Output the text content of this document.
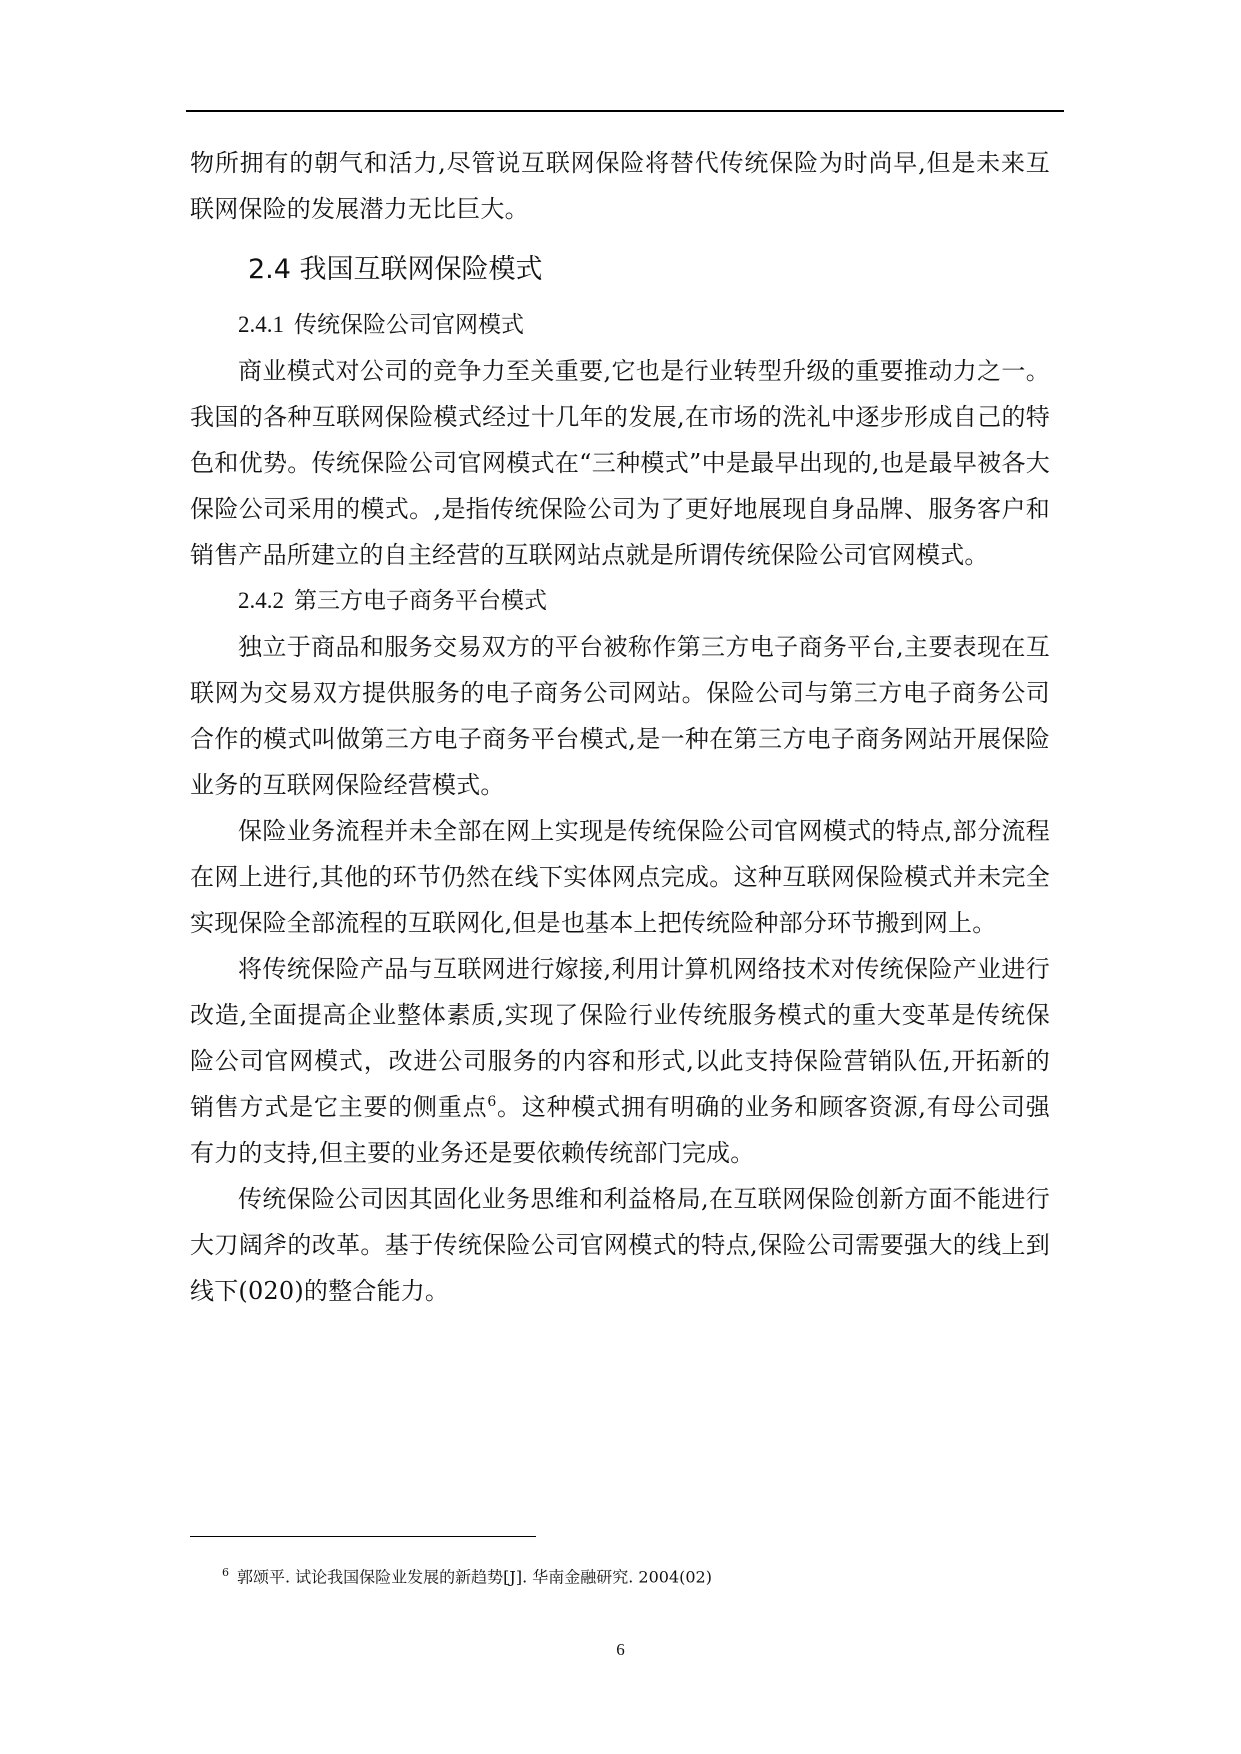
物所拥有的朝气和活力,尽管说互联网保险将替代传统保险为时尚早,但是未来互联网保险的发展潜力无比巨大。

2.4 我国互联网保险模式
2.4.1 传统保险公司官网模式

商业模式对公司的竞争力至关重要,它也是行业转型升级的重要推动力之一。我国的各种互联网保险模式经过十几年的发展,在市场的洗礼中逐步形成自己的特色和优势。传统保险公司官网模式在“三种模式”中是最早出现的,也是最早被各大保险公司采用的模式。,是指传统保险公司为了更好地展现自身品牌、服务客户和销售产品所建立的自主经营的互联网站点就是所谓传统保险公司官网模式。

2.4.2 第三方电子商务平台模式

独立于商品和服务交易双方的平台被称作第三方电子商务平台,主要表现在互联网为交易双方提供服务的电子商务公司网站。保险公司与第三方电子商务公司合作的模式叫做第三方电子商务平台模式,是一种在第三方电子商务网站开展保险业务的互联网保险经营模式。

保险业务流程并未全部在网上实现是传统保险公司官网模式的特点,部分流程在网上进行,其他的环节仍然在线下实体网点完成。这种互联网保险模式并未完全实现保险全部流程的互联网化,但是也基本上把传统险种部分环节搬到网上。

将传统保险产品与互联网进行嫁接,利用计算机网络技术对传统保险产业进行改造,全面提高企业整体素质,实现了保险行业传统服务模式的重大变革是传统保险公司官网模式，改进公司服务的内容和形式,以此支持保险营销队伍,开拓新的销售方式是它主要的侧重点$^6$。这种模式拥有明确的业务和顾客资源,有母公司强有力的支持,但主要的业务还是要依赖传统部门完成。

传统保险公司因其固化业务思维和利益格局,在互联网保险创新方面不能进行大刀阔斧的改革。基于传统保险公司官网模式的特点,保险公司需要强大的线上到线下(020)的整合能力。

$^6$ 郭颂平. 试论我国保险业发展的新趋势[J]. 华南金融研究. 2004(02)
6
